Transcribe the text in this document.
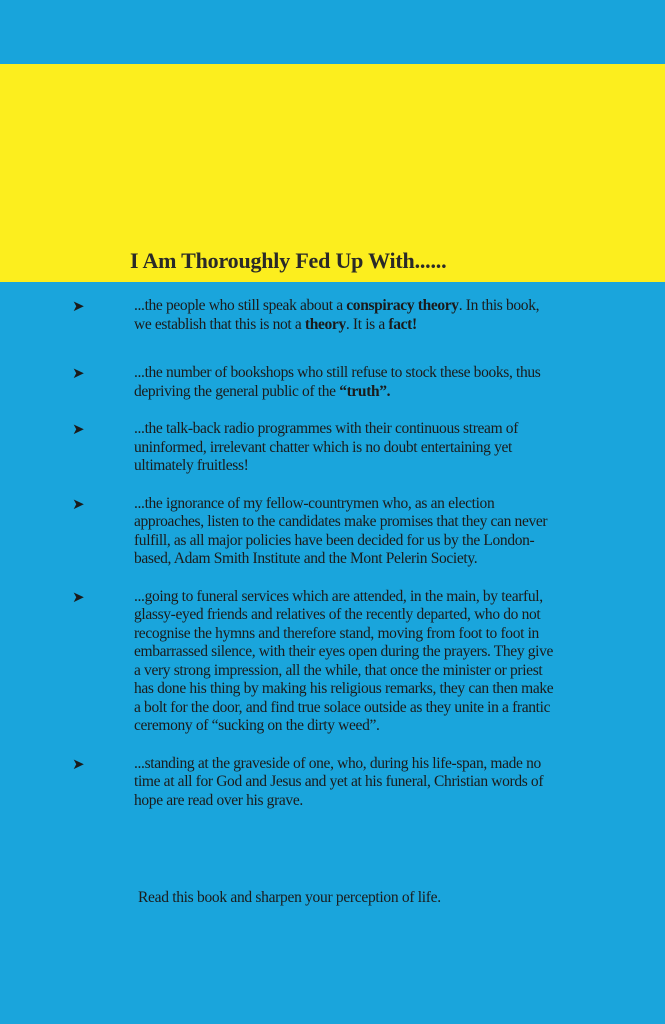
I Am Thoroughly Fed Up With......
➤	...the people who still speak about a conspiracy theory. In this book, we establish that this is not a theory. It is a fact!
➤	...the number of bookshops who still refuse to stock these books, thus depriving the general public of the “truth”.
➤	...the talk-back radio programmes with their continuous stream of uninformed, irrelevant chatter which is no doubt entertaining yet ultimately fruitless!
➤	...the ignorance of my fellow-countrymen who, as an election approaches, listen to the candidates make promises that they can never fulfill, as all major policies have been decided for us by the London-based, Adam Smith Institute and the Mont Pelerin Society.
➤	...going to funeral services which are attended, in the main, by tearful, glassy-eyed friends and relatives of the recently departed, who do not recognise the hymns and therefore stand, moving from foot to foot in embarrassed silence, with their eyes open during the prayers. They give a very strong impression, all the while, that once the minister or priest has done his thing by making his religious remarks, they can then make a bolt for the door, and find true solace outside as they unite in a frantic ceremony of “sucking on the dirty weed”.
➤	...standing at the graveside of one, who, during his life-span, made no time at all for God and Jesus and yet at his funeral, Christian words of hope are read over his grave.

Read this book and sharpen your perception of life.
